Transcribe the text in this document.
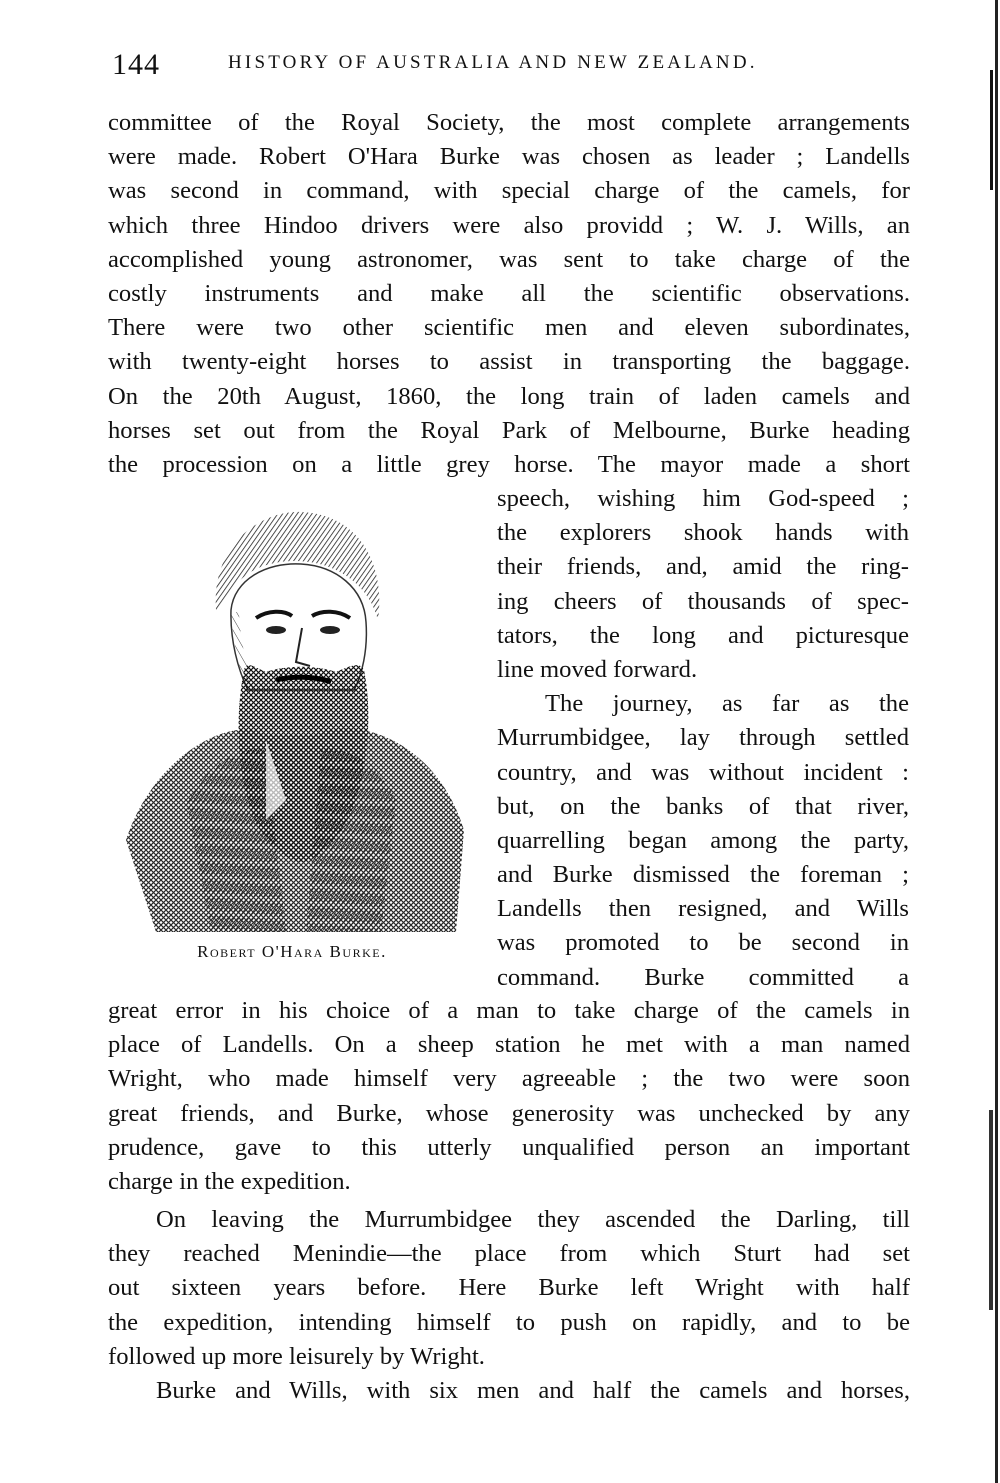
144	HISTORY OF AUSTRALIA AND NEW ZEALAND.
committee of the Royal Society, the most complete arrangements
were made. Robert O'Hara Burke was chosen as leader ; Landells
was second in command, with special charge of the camels, for
which three Hindoo drivers were also providd ; W. J. Wills, an
accomplished young astronomer, was sent to take charge of the
costly instruments and make all the scientific observations.
There were two other scientific men and eleven subordinates,
with twenty-eight horses to assist in transporting the baggage.
On the 20th August, 1860, the long train of laden camels and
horses set out from the Royal Park of Melbourne, Burke heading
the procession on a little grey horse. The mayor made a short
Robert O'Hara Burke.
speech, wishing him God-speed ;
the explorers shook hands with
their friends, and, amid the ring-
ing cheers of thousands of spec-
tators, the long and picturesque
line moved forward.
The journey, as far as the
Murrumbidgee, lay through settled
country, and was without incident :
but, on the banks of that river,
quarrelling began among the party,
and Burke dismissed the foreman ;
Landells then resigned, and Wills
was promoted to be second in
command. Burke committed a
great error in his choice of a man to take charge of the camels in
place of Landells. On a sheep station he met with a man named
Wright, who made himself very agreeable ; the two were soon
great friends, and Burke, whose generosity was unchecked by any
prudence, gave to this utterly unqualified person an important
charge in the expedition.
On leaving the Murrumbidgee they ascended the Darling, till
they reached Menindie—the place from which Sturt had set
out sixteen years before. Here Burke left Wright with half
the expedition, intending himself to push on rapidly, and to be
followed up more leisurely by Wright.
Burke and Wills, with six men and half the camels and horses,
